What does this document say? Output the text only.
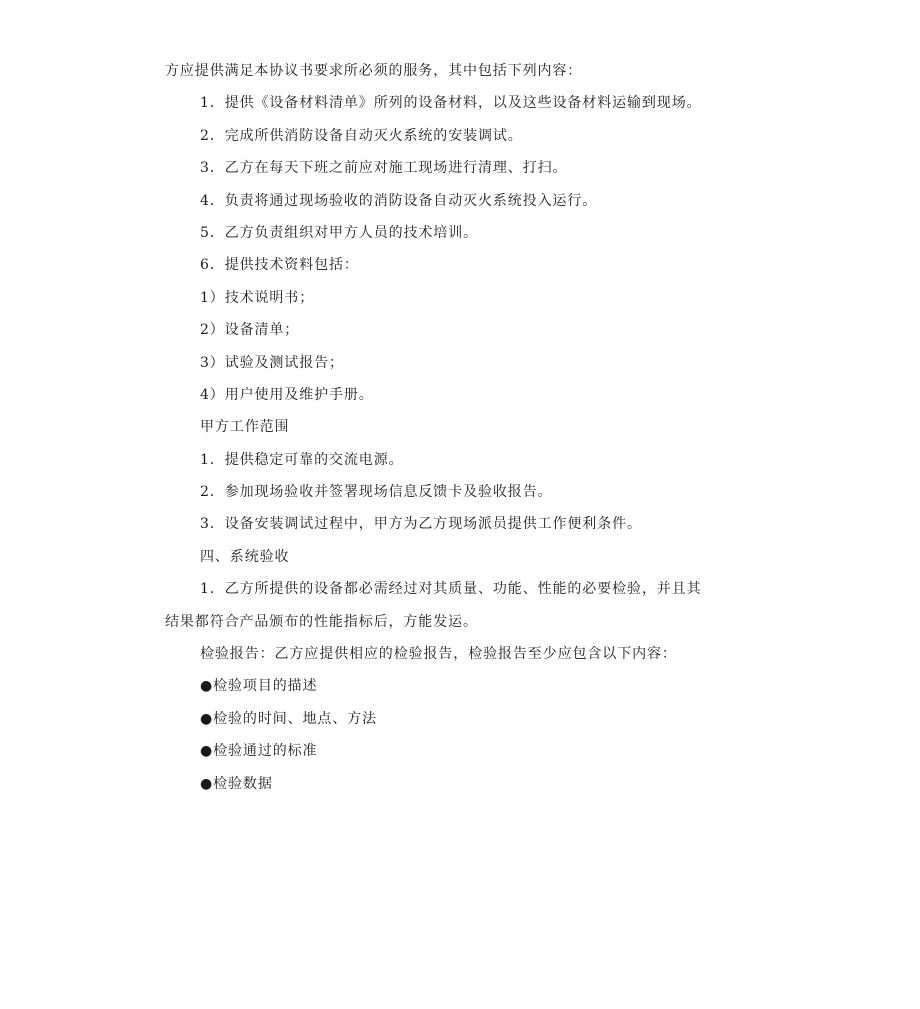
方应提供满足本协议书要求所必须的服务，其中包括下列内容：
1．提供《设备材料清单》所列的设备材料，以及这些设备材料运输到现场。
2．完成所供消防设备自动灭火系统的安装调试。
3．乙方在每天下班之前应对施工现场进行清理、打扫。
4．负责将通过现场验收的消防设备自动灭火系统投入运行。
5．乙方负责组织对甲方人员的技术培训。
6．提供技术资料包括：
1）技术说明书；
2）设备清单；
3）试验及测试报告；
4）用户使用及维护手册。
甲方工作范围
1．提供稳定可靠的交流电源。
2．参加现场验收并签署现场信息反馈卡及验收报告。
3．设备安装调试过程中，甲方为乙方现场派员提供工作便利条件。
四、系统验收
1．乙方所提供的设备都必需经过对其质量、功能、性能的必要检验，并且其
结果都符合产品颁布的性能指标后，方能发运。
检验报告：乙方应提供相应的检验报告，检验报告至少应包含以下内容：
●检验项目的描述
●检验的时间、地点、方法
●检验通过的标准
●检验数据
